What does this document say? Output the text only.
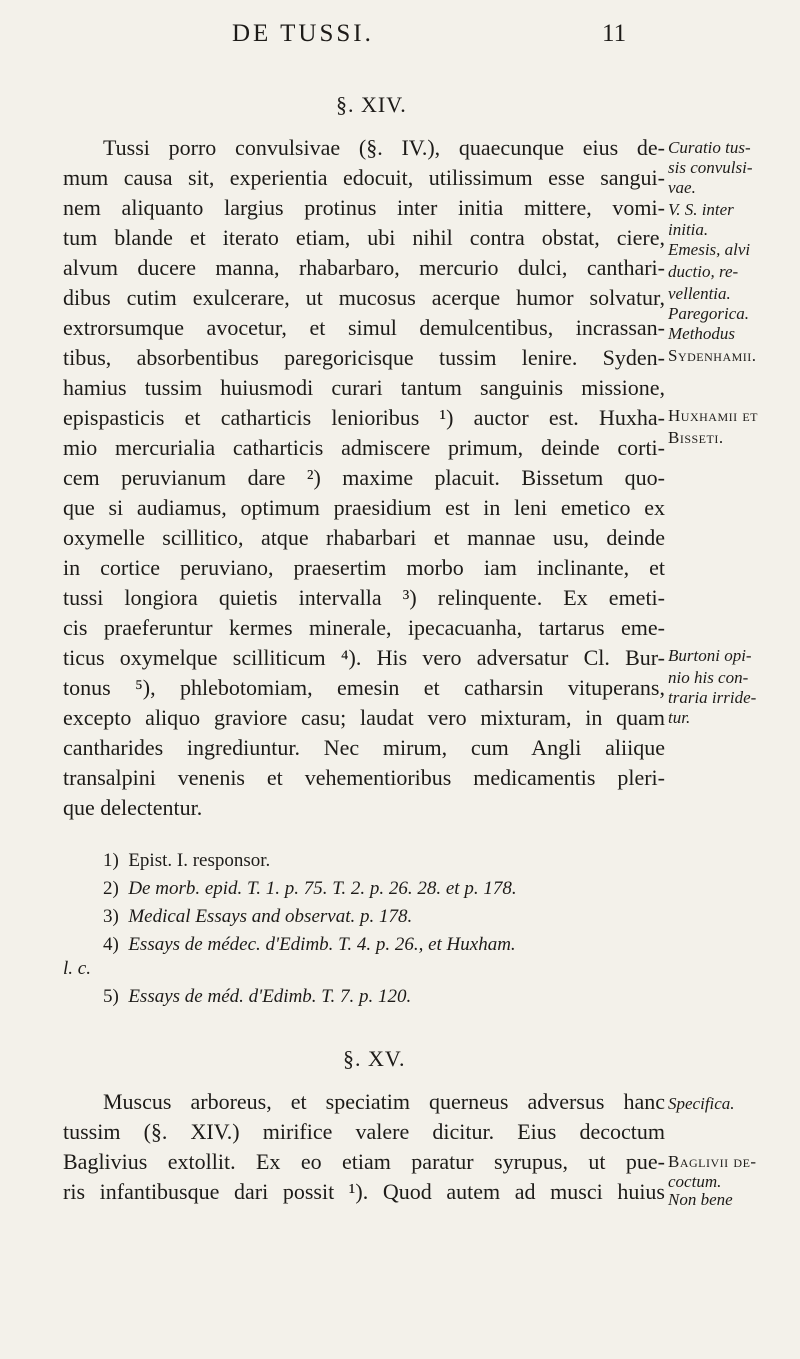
DE TUSSI.	11
§. XIV.
Tussi porro convulsivae (§. IV.), quaecunque eius de-
mum causa sit, experientia edocuit, utilissimum esse sangui-
nem aliquanto largius protinus inter initia mittere, vomi-
tum blande et iterato etiam, ubi nihil contra obstat, ciere,
alvum ducere manna, rhabarbaro, mercurio dulci, canthari-
dibus cutim exulcerare, ut mucosus acerque humor solvatur,
extrorsumque avocetur, et simul demulcentibus, incrassan-
tibus, absorbentibus paregoricisque tussim lenire. Syden-
hamius tussim huiusmodi curari tantum sanguinis missione,
epispasticis et catharticis lenioribus ¹) auctor est. Huxha-
mio mercurialia catharticis admiscere primum, deinde corti-
cem peruvianum dare ²) maxime placuit. Bissetum quo-
que si audiamus, optimum praesidium est in leni emetico ex
oxymelle scillitico, atque rhabarbari et mannae usu, deinde
in cortice peruviano, praesertim morbo iam inclinante, et
tussi longiora quietis intervalla ³) relinquente. Ex emeti-
cis praeferuntur kermes minerale, ipecacuanha, tartarus eme-
ticus oxymelque scilliticum ⁴). His vero adversatur Cl. Bur-
tonus ⁵), phlebotomiam, emesin et catharsin vituperans,
excepto aliquo graviore casu; laudat vero mixturam, in quam
cantharides ingrediuntur. Nec mirum, cum Angli aliique
transalpini venenis et vehementioribus medicamentis pleri-
que delectentur.
Curatio tus-
sis convulsi-
vae.
V. S. inter
initia.
Emesis, alvi
ductio, re-
vellentia.
Paregorica.
Methodus
Sydenhamii.
Huxhamii et
Bisseti.
Burtoni opi-
nio his con-
traria irride-
tur.
1) Epist. I. responsor.
2) De morb. epid. T. 1. p. 75. T. 2. p. 26. 28. et p. 178.
3) Medical Essays and observat. p. 178.
4) Essays de médec. d'Edimb. T. 4. p. 26., et Huxham.
l. c.
5) Essays de méd. d'Edimb. T. 7. p. 120.
§. XV.
Muscus arboreus, et speciatim querneus adversus hanc
tussim (§. XIV.) mirifice valere dicitur. Eius decoctum
Baglivius extollit. Ex eo etiam paratur syrupus, ut pue-
ris infantibusque dari possit ¹). Quod autem ad musci huius
Specifica.
Baglivii de-
coctum.
Non bene
